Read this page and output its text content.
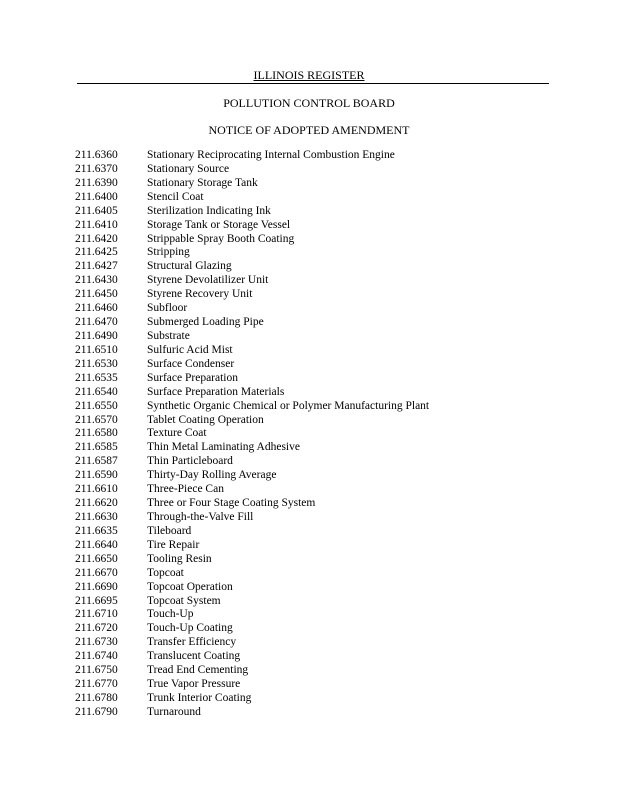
ILLINOIS REGISTER
POLLUTION CONTROL BOARD
NOTICE OF ADOPTED AMENDMENT
211.6360	Stationary Reciprocating Internal Combustion Engine
211.6370	Stationary Source
211.6390	Stationary Storage Tank
211.6400	Stencil Coat
211.6405	Sterilization Indicating Ink
211.6410	Storage Tank or Storage Vessel
211.6420	Strippable Spray Booth Coating
211.6425	Stripping
211.6427	Structural Glazing
211.6430	Styrene Devolatilizer Unit
211.6450	Styrene Recovery Unit
211.6460	Subfloor
211.6470	Submerged Loading Pipe
211.6490	Substrate
211.6510	Sulfuric Acid Mist
211.6530	Surface Condenser
211.6535	Surface Preparation
211.6540	Surface Preparation Materials
211.6550	Synthetic Organic Chemical or Polymer Manufacturing Plant
211.6570	Tablet Coating Operation
211.6580	Texture Coat
211.6585	Thin Metal Laminating Adhesive
211.6587	Thin Particleboard
211.6590	Thirty-Day Rolling Average
211.6610	Three-Piece Can
211.6620	Three or Four Stage Coating System
211.6630	Through-the-Valve Fill
211.6635	Tileboard
211.6640	Tire Repair
211.6650	Tooling Resin
211.6670	Topcoat
211.6690	Topcoat Operation
211.6695	Topcoat System
211.6710	Touch-Up
211.6720	Touch-Up Coating
211.6730	Transfer Efficiency
211.6740	Translucent Coating
211.6750	Tread End Cementing
211.6770	True Vapor Pressure
211.6780	Trunk Interior Coating
211.6790	Turnaround
